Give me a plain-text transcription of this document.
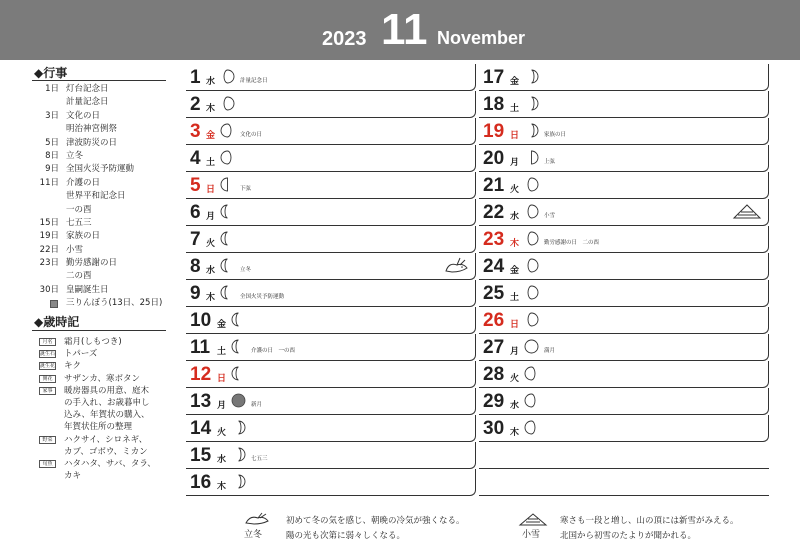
2023 11 November
◆行事
1日 灯台記念日
計量記念日
3日 文化の日
明治神宮例祭
5日 津波防災の日
8日 立冬
9日 全国火災予防運動
11日 介護の日
世界平和記念日
一の酉
15日 七五三
19日 家族の日
22日 小雪
23日 勤労感謝の日
二の酉
30日 皇嗣誕生日
三りんぼう(13日、25日)
◆歳時記
月名	霜月(しもつき)
誕生石 トパーズ
誕生花 キク
開花	サザンカ、寒ボタン
家事	暖房器具の用意、庭木
の手入れ、お歳暮申し
込み、年賀状の購入、
年賀状住所の整理
野菜	ハクサイ、シロネギ、
カブ、ゴボウ、ミカン
旬魚	ハタハタ、サバ、タラ、
カキ
1 水	計量記念日
2 木
3 金	文化の日
4 土
5 日	下弦
6 月
7 火
8 水	立冬
9 木	全国火災予防運動
10 金
11 土	介護の日　一の酉
12 日
13 月	新月
14 火
15 水	七五三
16 木
17 金
18 土
19 日	家族の日
20 月	上弦
21 火
22 水	小雪
23 木	勤労感謝の日　二の酉
24 金
25 土
26 日
27 月	満月
28 火
29 水
30 木
立冬
初めて冬の気を感じ、朝晩の冷気が強くなる。
陽の光も次第に弱々しくなる。	小雪
寒さも一段と増し、山の頂には新雪がみえる。
北国から初雪のたよりが聞かれる。
